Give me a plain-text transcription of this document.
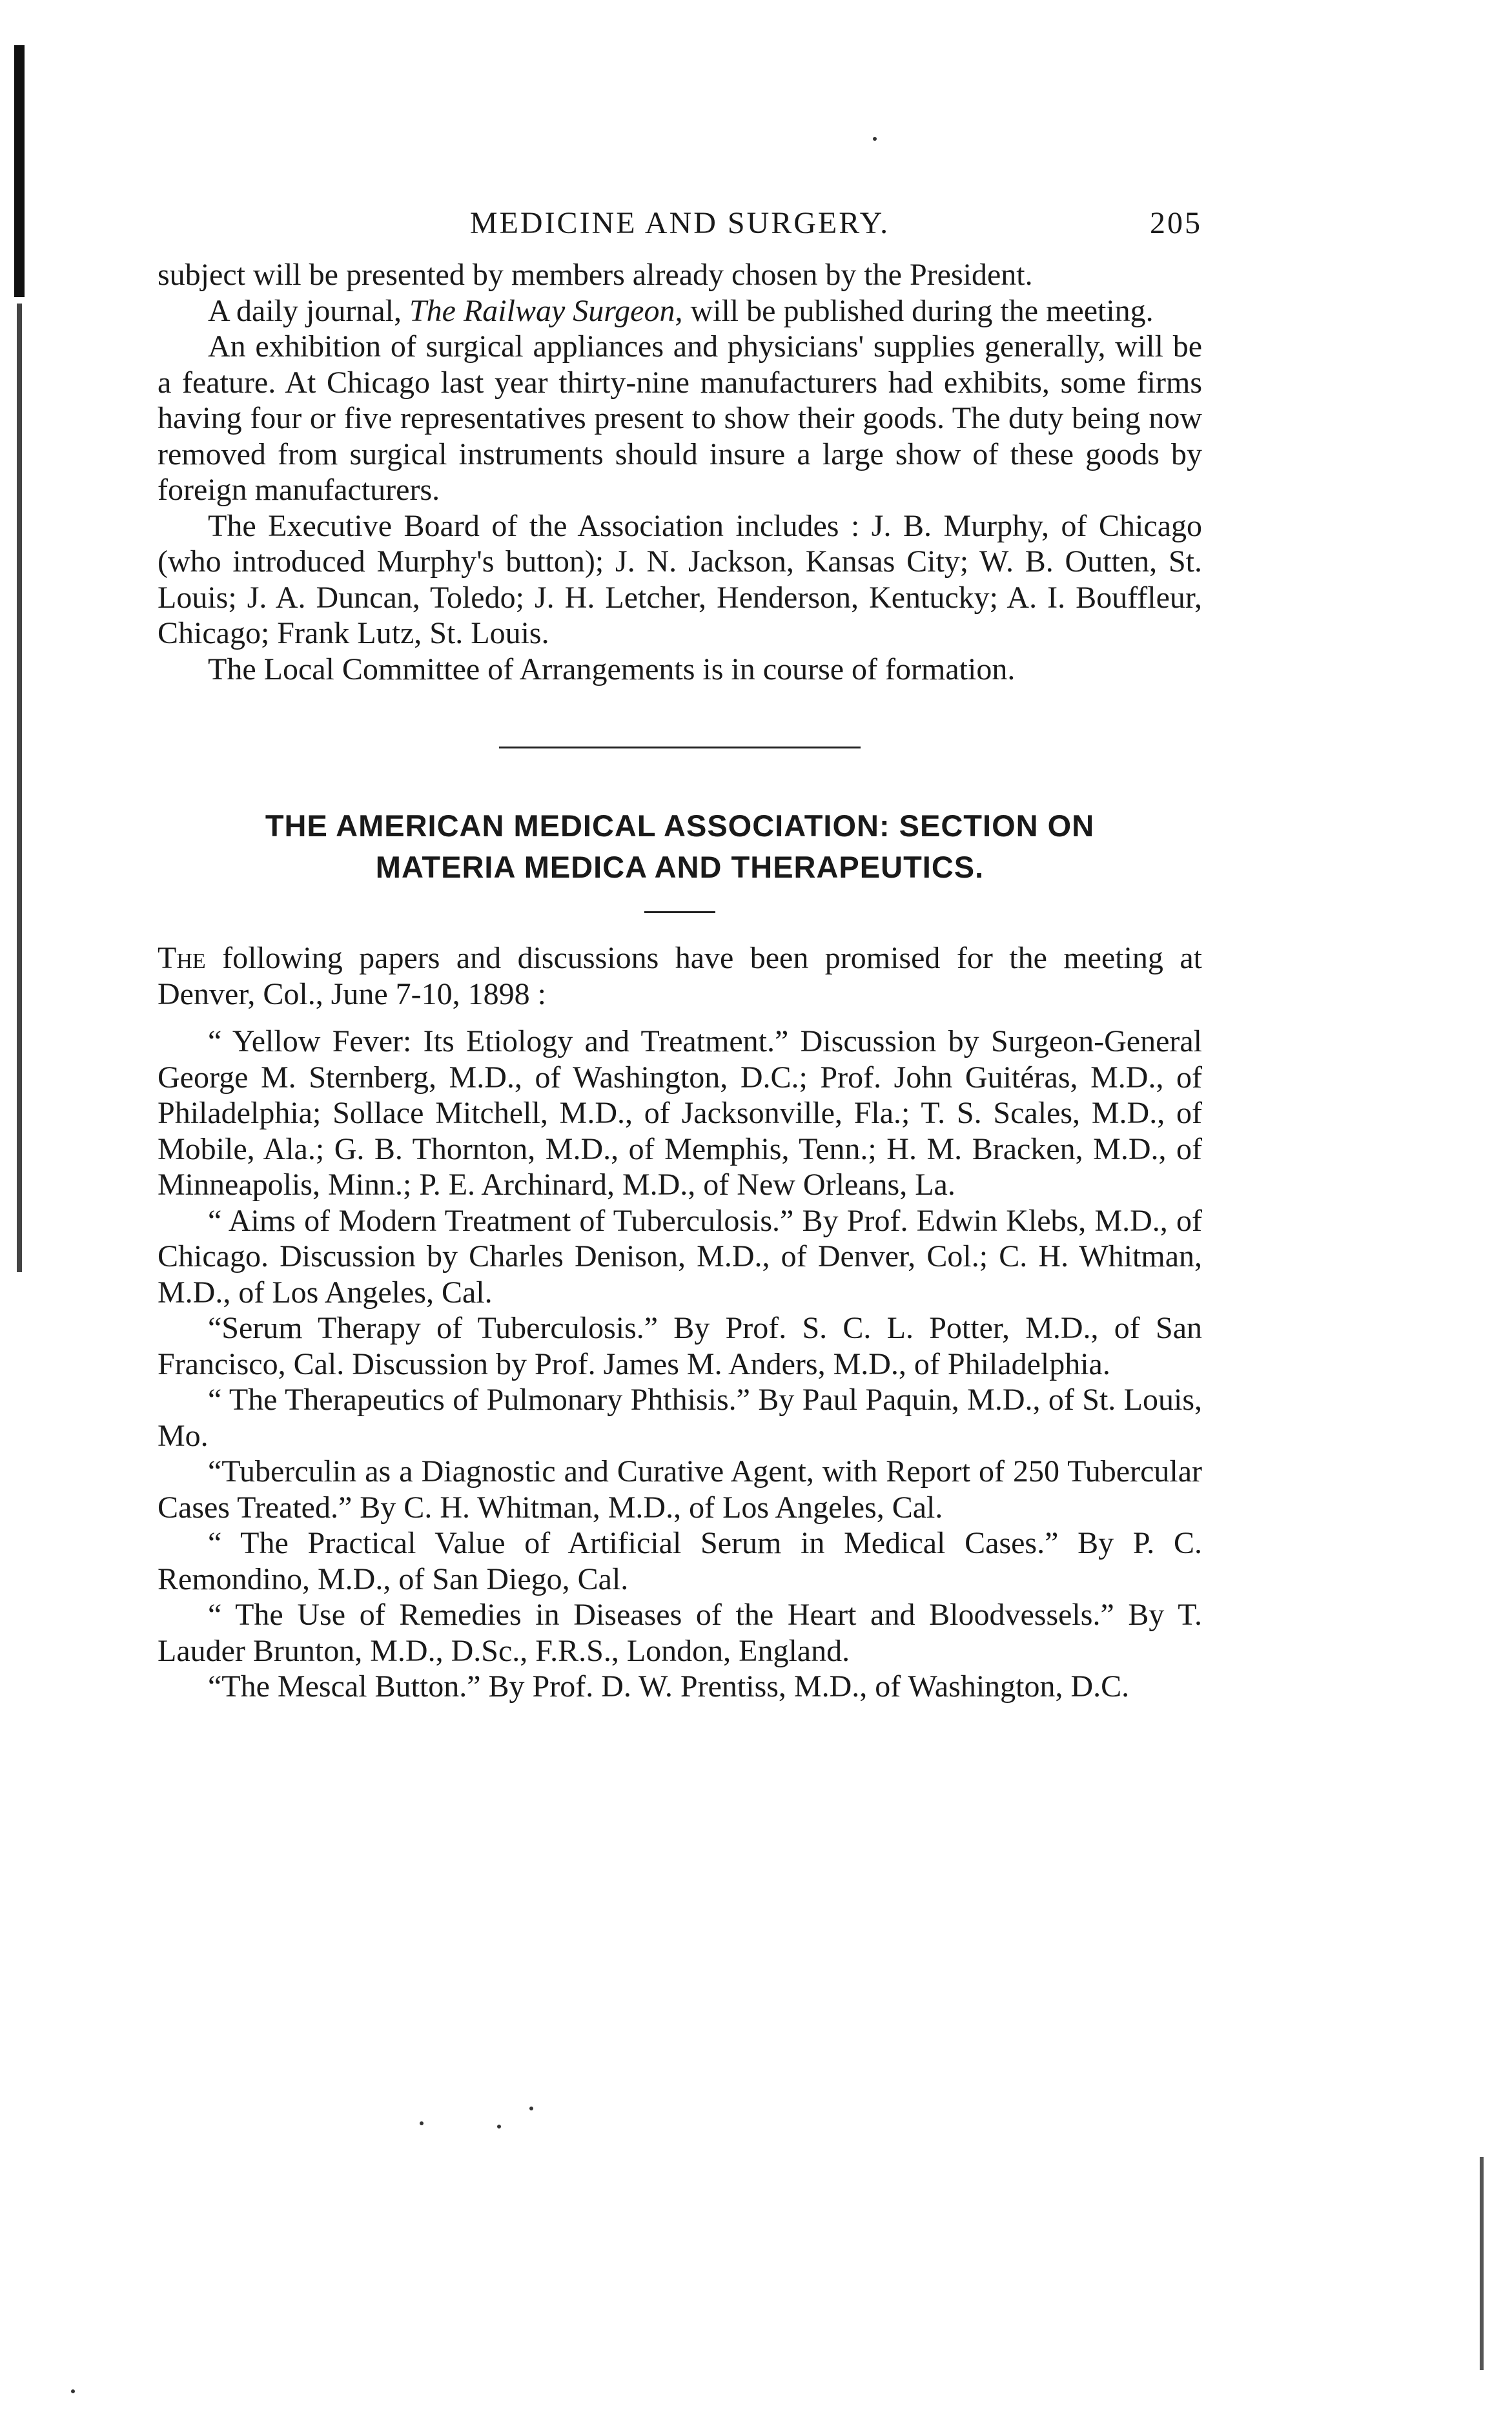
MEDICINE AND SURGERY.	205

subject will be presented by members already chosen by the President.

A daily journal, The Railway Surgeon, will be published during the meeting.

An exhibition of surgical appliances and physicians' supplies generally, will be a feature. At Chicago last year thirty-nine manufacturers had exhibits, some firms having four or five representatives present to show their goods. The duty being now removed from surgical instruments should insure a large show of these goods by foreign manufacturers.

The Executive Board of the Association includes : J. B. Murphy, of Chicago (who introduced Murphy's button); J. N. Jackson, Kansas City; W. B. Outten, St. Louis; J. A. Duncan, Toledo; J. H. Letcher, Henderson, Kentucky; A. I. Bouffleur, Chicago; Frank Lutz, St. Louis.

The Local Committee of Arrangements is in course of formation.

THE AMERICAN MEDICAL ASSOCIATION: SECTION ON
MATERIA MEDICA AND THERAPEUTICS.

The following papers and discussions have been promised for the meeting at Denver, Col., June 7-10, 1898 :

“ Yellow Fever: Its Etiology and Treatment.” Discussion by Surgeon-General George M. Sternberg, M.D., of Washington, D.C.; Prof. John Guitéras, M.D., of Philadelphia; Sollace Mitchell, M.D., of Jacksonville, Fla.; T. S. Scales, M.D., of Mobile, Ala.; G. B. Thornton, M.D., of Memphis, Tenn.; H. M. Bracken, M.D., of Minneapolis, Minn.; P. E. Archinard, M.D., of New Orleans, La.

“ Aims of Modern Treatment of Tuberculosis.” By Prof. Edwin Klebs, M.D., of Chicago. Discussion by Charles Denison, M.D., of Denver, Col.; C. H. Whitman, M.D., of Los Angeles, Cal.

“Serum Therapy of Tuberculosis.” By Prof. S. C. L. Potter, M.D., of San Francisco, Cal. Discussion by Prof. James M. Anders, M.D., of Philadelphia.

“ The Therapeutics of Pulmonary Phthisis.” By Paul Paquin, M.D., of St. Louis, Mo.

“Tuberculin as a Diagnostic and Curative Agent, with Report of 250 Tubercular Cases Treated.” By C. H. Whitman, M.D., of Los Angeles, Cal.

“ The Practical Value of Artificial Serum in Medical Cases.” By P. C. Remondino, M.D., of San Diego, Cal.

“ The Use of Remedies in Diseases of the Heart and Bloodvessels.” By T. Lauder Brunton, M.D., D.Sc., F.R.S., London, England.

“The Mescal Button.” By Prof. D. W. Prentiss, M.D., of Washington, D.C.
